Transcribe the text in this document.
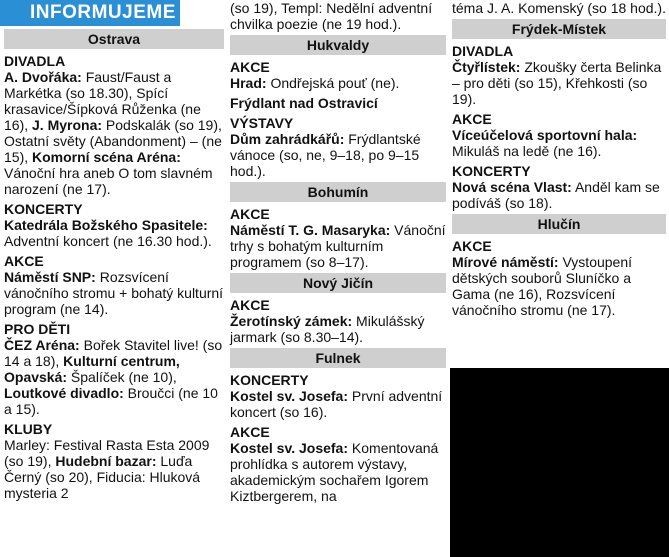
INFORMUJEME
Ostrava
DIVADLA
A. Dvořáka: Faust/Faust a Markétka (so 18.30), Spící krasavice/Šípková Růženka (ne 16), J. Myrona: Podskalák (so 19), Ostatní světy (Abandonment) – (ne 15), Komorní scéna Aréna: Vánoční hra aneb O tom slavném narození (ne 17).
KONCERTY
Katedrála Božského Spasitele: Adventní koncert (ne 16.30 hod.).
AKCE
Náměstí SNP: Rozsvícení vánočního stromu + bohatý kulturní program (ne 14).
PRO DĚTI
ČEZ Aréna: Bořek Stavitel live! (so 14 a 18), Kulturní centrum, Opavská: Špalíček (ne 10), Loutkové divadlo: Broučci (ne 10 a 15).
KLUBY
Marley: Festival Rasta Esta 2009 (so 19), Hudební bazar: Luďa Černý (so 20), Fiducia: Hluková mysteria 2
(so 19), Templ: Nedělní adventní chvilka poezie (ne 19 hod.).
Hukvaldy
AKCE
Hrad: Ondřejská pouť (ne).
Frýdlant nad Ostravicí
VÝSTAVY
Dům zahrádkářů: Frýdlantské vánoce (so, ne, 9–18, po 9–15 hod.).
Bohumín
AKCE
Náměstí T. G. Masaryka: Vánoční trhy s bohatým kulturním programem (so 8–17).
Nový Jičín
AKCE
Žerotínský zámek: Mikulášský jarmark (so 8.30–14).
Fulnek
KONCERTY
Kostel sv. Josefa: První adventní koncert (so 16).
AKCE
Kostel sv. Josefa: Komentovaná prohlídka s autorem výstavy, akademickým sochařem Igorem Kiztbergerem, na
téma J. A. Komenský (so 18 hod.).
Frýdek-Místek
DIVADLA
Čtyřlístek: Zkoušky čerta Belinka – pro děti (so 15), Křehkosti (so 19).
AKCE
Víceúčelová sportovní hala: Mikuláš na ledě (ne 16).
KONCERTY
Nová scéna Vlast: Anděl kam se podíváš (so 18).
Hlučín
AKCE
Mírové náměstí: Vystoupení dětských souborů Sluníčko a Gama (ne 16), Rozsvícení vánočního stromu (ne 17).
